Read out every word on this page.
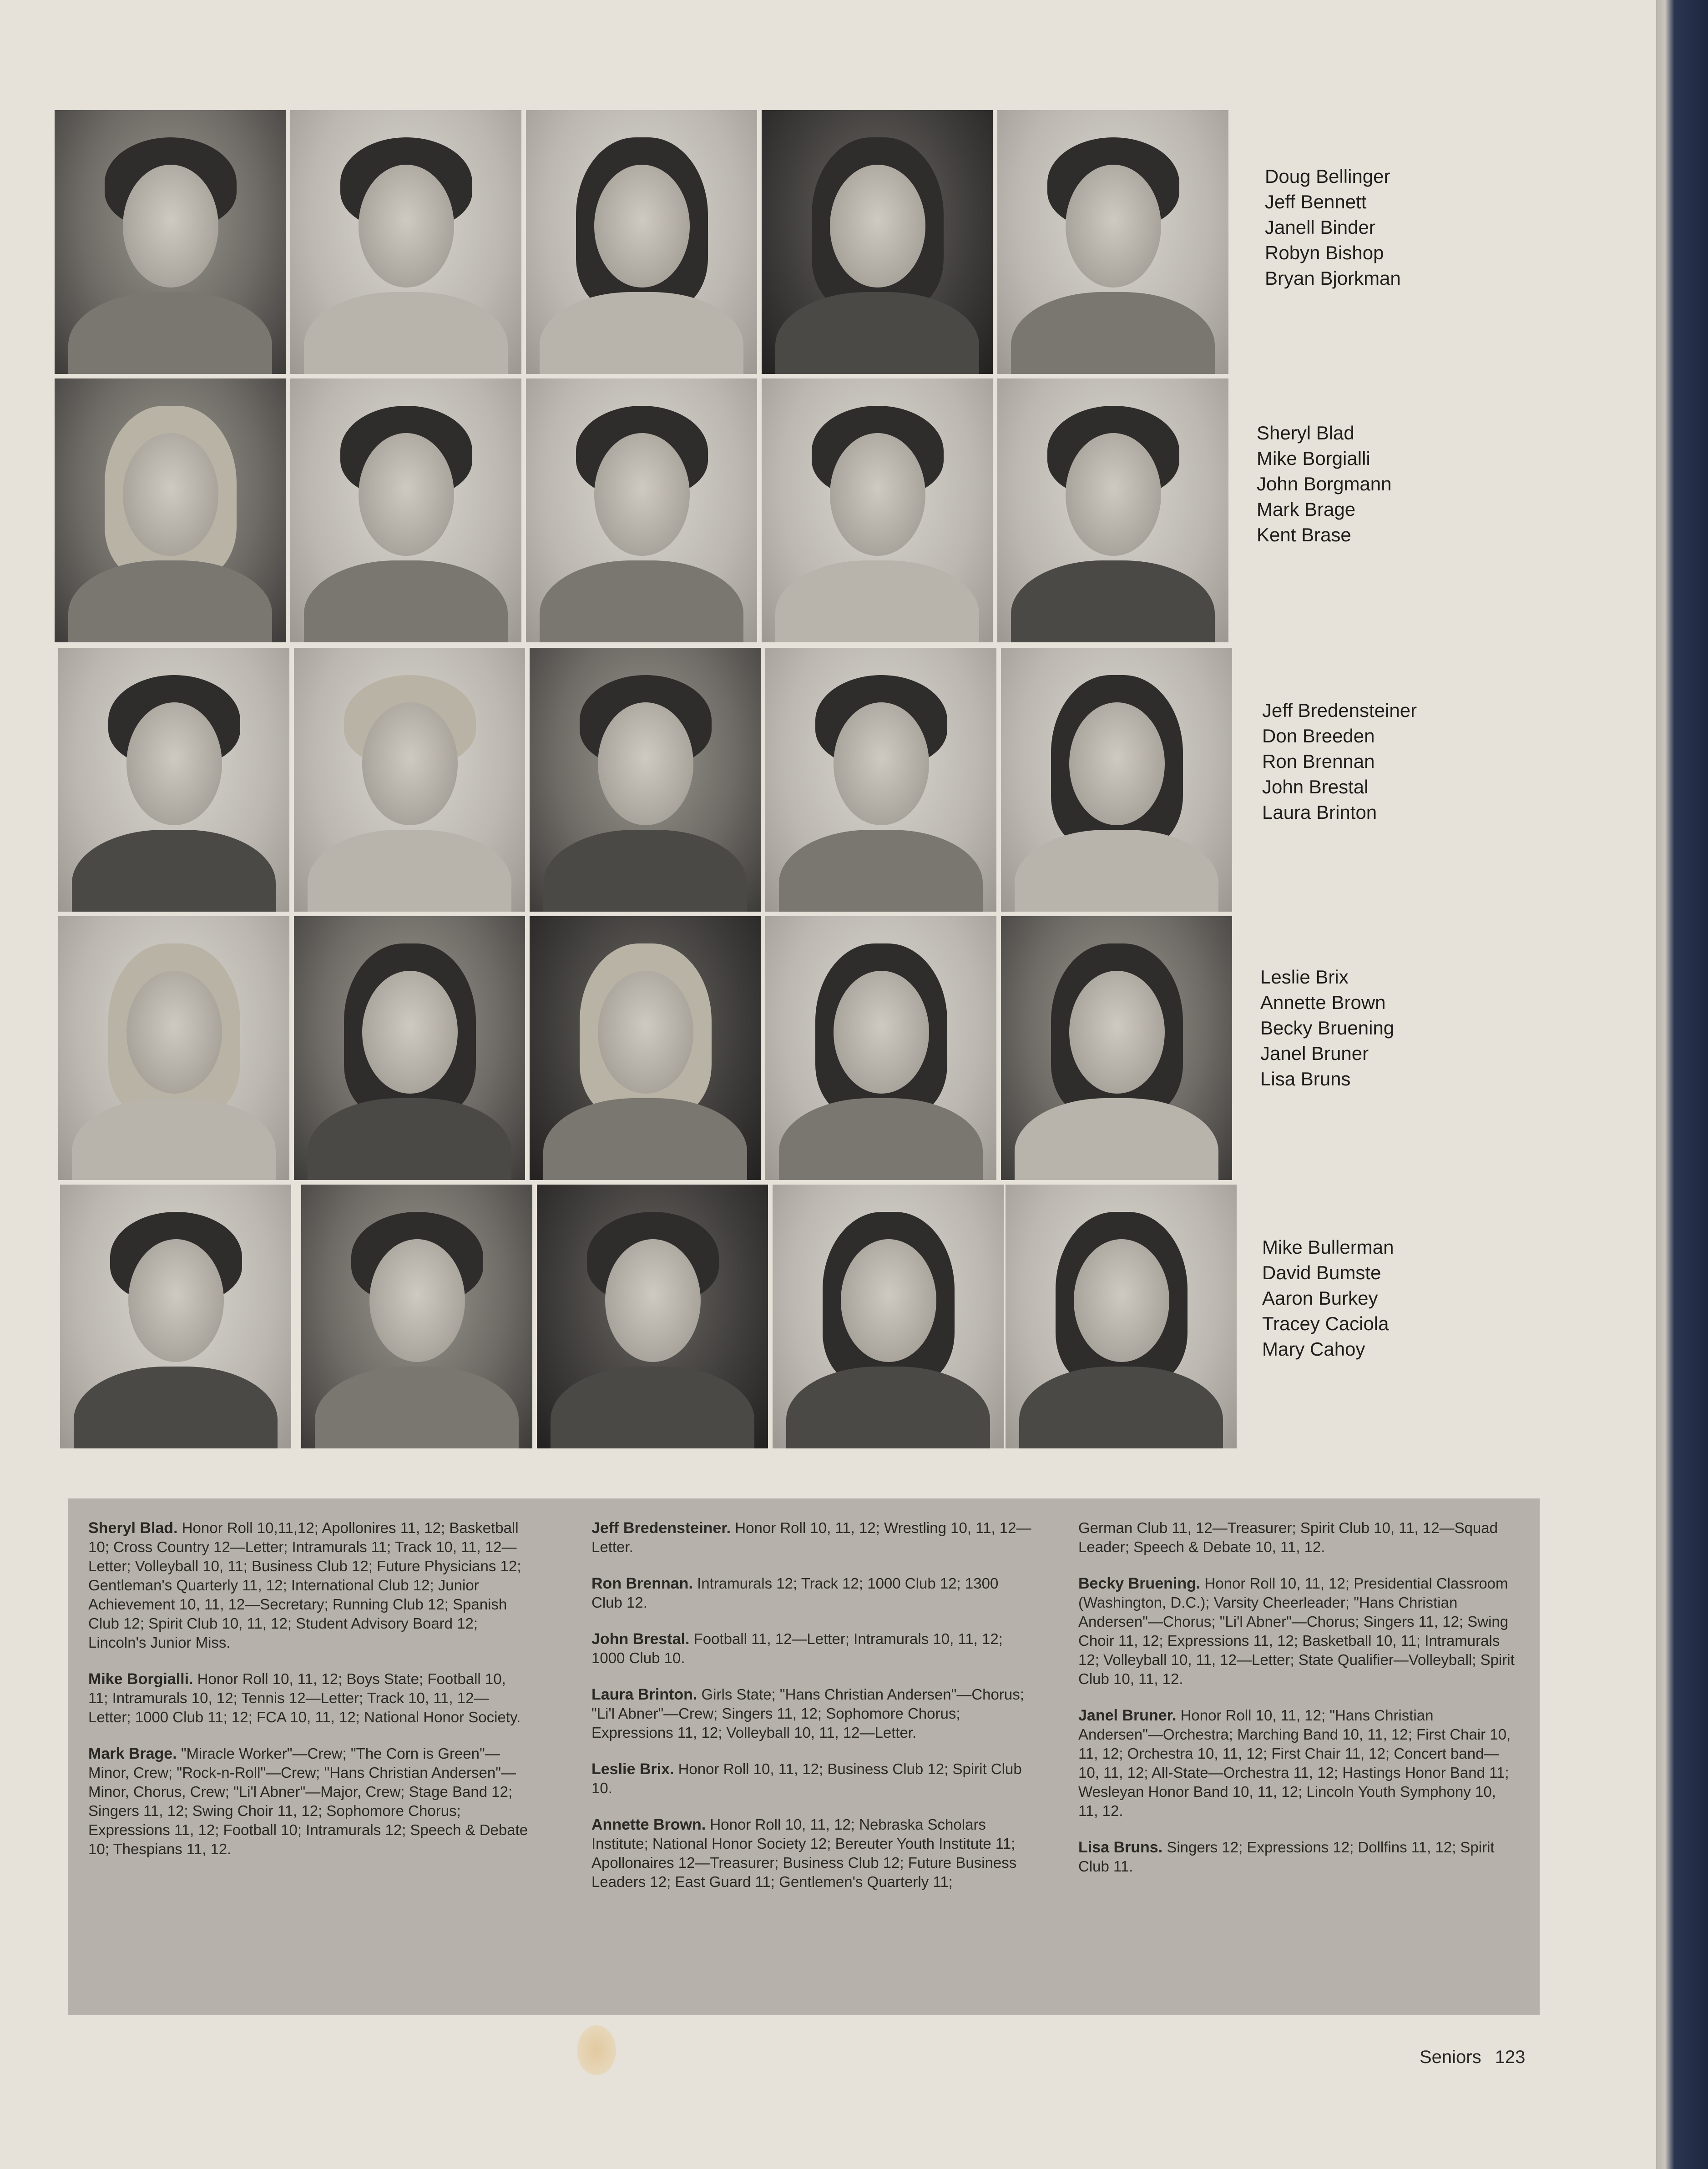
Doug Bellinger
Jeff Bennett
Janell Binder
Robyn Bishop
Bryan Bjorkman
Sheryl Blad
Mike Borgialli
John Borgmann
Mark Brage
Kent Brase
Jeff Bredensteiner
Don Breeden
Ron Brennan
John Brestal
Laura Brinton
Leslie Brix
Annette Brown
Becky Bruening
Janel Bruner
Lisa Bruns
Mike Bullerman
David Bumste
Aaron Burkey
Tracey Caciola
Mary Cahoy
Sheryl Blad. Honor Roll 10,11,12; Apollonires 11, 12; Basketball 10; Cross Country 12—Letter; Intramurals 11; Track 10, 11, 12—Letter; Volleyball 10, 11; Business Club 12; Future Physicians 12; Gentleman's Quarterly 11, 12; International Club 12; Junior Achievement 10, 11, 12—Secretary; Running Club 12; Spanish Club 12; Spirit Club 10, 11, 12; Student Advisory Board 12; Lincoln's Junior Miss.
Mike Borgialli. Honor Roll 10, 11, 12; Boys State; Football 10, 11; Intramurals 10, 12; Tennis 12—Letter; Track 10, 11, 12—Letter; 1000 Club 11; 12; FCA 10, 11, 12; National Honor Society.
Mark Brage. "Miracle Worker"—Crew; "The Corn is Green"—Minor, Crew; "Rock-n-Roll"—Crew; "Hans Christian Andersen"—Minor, Chorus, Crew; "Li'l Abner"—Major, Crew; Stage Band 12; Singers 11, 12; Swing Choir 11, 12; Sophomore Chorus; Expressions 11, 12; Football 10; Intramurals 12; Speech & Debate 10; Thespians 11, 12.
Jeff Bredensteiner. Honor Roll 10, 11, 12; Wrestling 10, 11, 12—Letter.
Ron Brennan. Intramurals 12; Track 12; 1000 Club 12; 1300 Club 12.
John Brestal. Football 11, 12—Letter; Intramurals 10, 11, 12; 1000 Club 10.
Laura Brinton. Girls State; "Hans Christian Andersen"—Chorus; "Li'l Abner"—Crew; Singers 11, 12; Sophomore Chorus; Expressions 11, 12; Volleyball 10, 11, 12—Letter.
Leslie Brix. Honor Roll 10, 11, 12; Business Club 12; Spirit Club 10.
Annette Brown. Honor Roll 10, 11, 12; Nebraska Scholars Institute; National Honor Society 12; Bereuter Youth Institute 11; Apollonaires 12—Treasurer; Business Club 12; Future Business Leaders 12; East Guard 11; Gentlemen's Quarterly 11;
German Club 11, 12—Treasurer; Spirit Club 10, 11, 12—Squad Leader; Speech & Debate 10, 11, 12.
Becky Bruening. Honor Roll 10, 11, 12; Presidential Classroom (Washington, D.C.); Varsity Cheerleader; "Hans Christian Andersen"—Chorus; "Li'l Abner"—Chorus; Singers 11, 12; Swing Choir 11, 12; Expressions 11, 12; Basketball 10, 11; Intramurals 12; Volleyball 10, 11, 12—Letter; State Qualifier—Volleyball; Spirit Club 10, 11, 12.
Janel Bruner. Honor Roll 10, 11, 12; "Hans Christian Andersen"—Orchestra; Marching Band 10, 11, 12; First Chair 10, 11, 12; Orchestra 10, 11, 12; First Chair 11, 12; Concert band— 10, 11, 12; All-State—Orchestra 11, 12; Hastings Honor Band 11; Wesleyan Honor Band 10, 11, 12; Lincoln Youth Symphony 10, 11, 12.
Lisa Bruns. Singers 12; Expressions 12; Dollfins 11, 12; Spirit Club 11.
Seniors 123
